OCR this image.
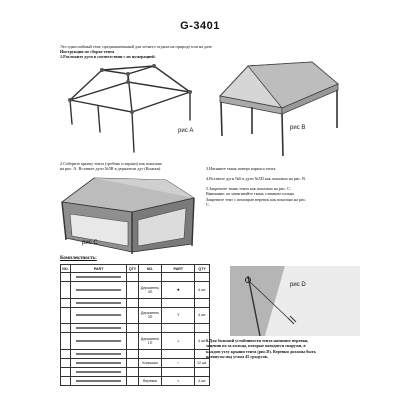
G-3401
Это однослойный тент, предназначенный для летнего отдыха на природе или на даче.
Инструкция по сборке тента
1.Разложите дуги в соответствии с их нумерацией.
рис A	рис B
2.Соберите крышу тента (гребень и карниз) как показано
на рис. А. Вставьте дуги №5В в держатели дуг (Коньки).
рис C
3.Натяните ткань поверх каркаса тента.
4.Вставьте дуги №6 в дуги №5D как показано на рис. B.
5.Закрепите ткань тента как показано на рис. C.
Внимание: не натягивайте ткань слишком сильно.
Закрепите тент с помощью веревок как показано на рис.
C.
Комплектность:
NO.	PART	QTY	NO.	PART	QTY

			Держатель 4П	✚	4 шт.

			Держатель 3П	Y	4 шт.

			Держатель 1П	⊥	4 шт.

			Колышки	⌐	12 шт.

			Веревки	∿	4 шт.
рис D
6.Для большей устойчивости тента натяните веревки,
зацепив их за кольца, которые находятся снаружи, в
каждом углу крыши тента (рис.D). Веревки должны быть
натянуты под углом 45 градусов.
